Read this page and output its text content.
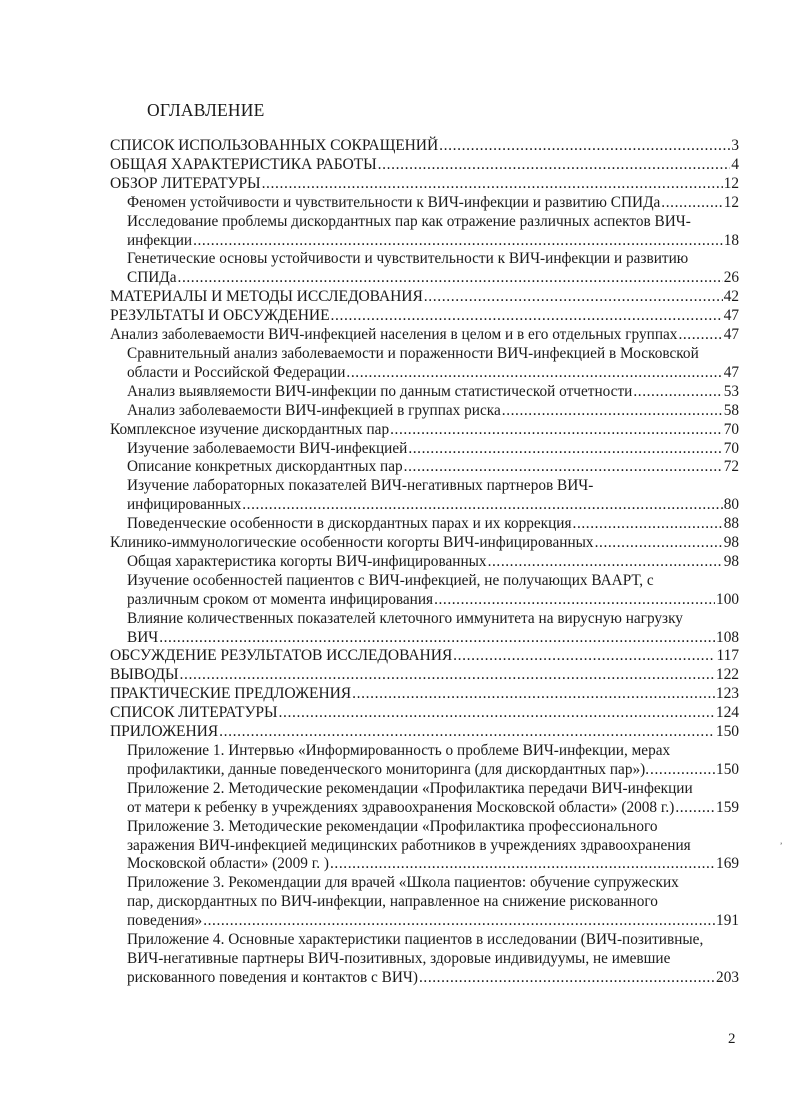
ОГЛАВЛЕНИЕ
СПИСОК ИСПОЛЬЗОВАННЫХ СОКРАЩЕНИЙ .....	3
ОБЩАЯ ХАРАКТЕРИСТИКА РАБОТЫ .....	4
ОБЗОР ЛИТЕРАТУРЫ .....	12
Феномен устойчивости и чувствительности к ВИЧ-инфекции и развитию СПИДа .....	12
Исследование проблемы дискордантных пар как отражение различных аспектов ВИЧ-
инфекции .....	18
Генетические основы устойчивости и чувствительности к ВИЧ-инфекции и развитию
СПИДа .....	26
МАТЕРИАЛЫ И МЕТОДЫ ИССЛЕДОВАНИЯ .....	42
РЕЗУЛЬТАТЫ И ОБСУЖДЕНИЕ .....	47
Анализ заболеваемости ВИЧ-инфекцией населения в целом и в его отдельных группах .....	47
Сравнительный анализ заболеваемости и пораженности ВИЧ-инфекцией в Московской
области и Российской Федерации .....	47
Анализ выявляемости ВИЧ-инфекции по данным статистической отчетности .....	53
Анализ заболеваемости ВИЧ-инфекцией в группах риска .....	58
Комплексное изучение дискордантных пар .....	70
Изучение заболеваемости ВИЧ-инфекцией .....	70
Описание конкретных дискордантных пар .....	72
Изучение лабораторных показателей ВИЧ-негативных партнеров ВИЧ-
инфицированных .....	80
Поведенческие особенности в дискордантных парах и их коррекция .....	88
Клинико-иммунологические особенности когорты ВИЧ-инфицированных .....	98
Общая характеристика когорты ВИЧ-инфицированных .....	98
Изучение особенностей пациентов с ВИЧ-инфекцией, не получающих ВААРТ, с
различным сроком от момента инфицирования .....	100
Влияние количественных показателей клеточного иммунитета на вирусную нагрузку
ВИЧ .....	108
ОБСУЖДЕНИЕ РЕЗУЛЬТАТОВ ИССЛЕДОВАНИЯ .....	117
ВЫВОДЫ .....	122
ПРАКТИЧЕСКИЕ ПРЕДЛОЖЕНИЯ .....	123
СПИСОК ЛИТЕРАТУРЫ .....	124
ПРИЛОЖЕНИЯ .....	150
Приложение 1. Интервью «Информированность о проблеме ВИЧ-инфекции, мерах
профилактики, данные поведенческого мониторинга (для дискордантных пар»). .....	150
Приложение 2. Методические рекомендации «Профилактика передачи ВИЧ-инфекции
от матери к ребенку в учреждениях здравоохранения Московской области» (2008 г.) .....	159
Приложение 3. Методические рекомендации «Профилактика профессионального
заражения ВИЧ-инфекцией медицинских работников в учреждениях здравоохранения
Московской области» (2009 г. ) .....	169
Приложение 3. Рекомендации для врачей «Школа пациентов: обучение супружеских
пар, дискордантных по ВИЧ-инфекции, направленное на снижение рискованного
поведения» .....	191
Приложение 4. Основные характеристики пациентов в исследовании (ВИЧ-позитивные,
ВИЧ-негативные партнеры ВИЧ-позитивных, здоровые индивидуумы, не имевшие
рискованного поведения и контактов с ВИЧ) .....	203
ʼ
2
